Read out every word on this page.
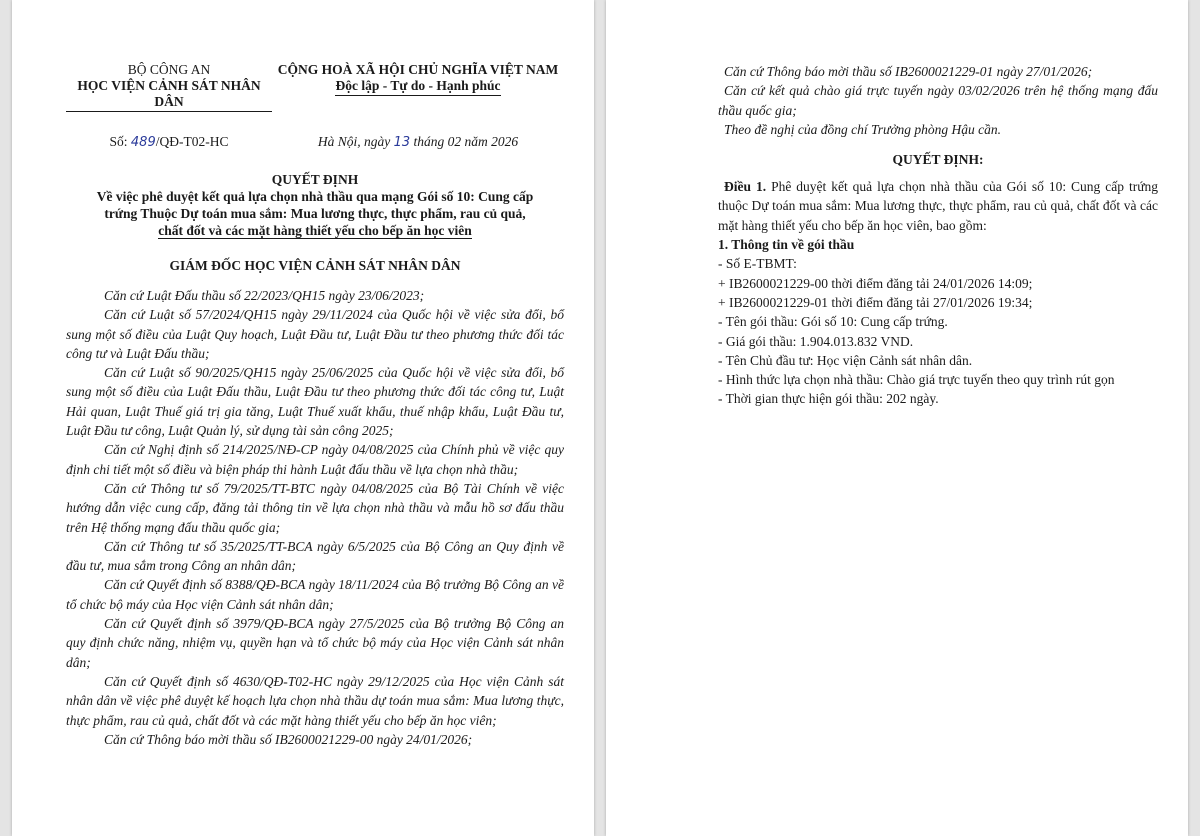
BỘ CÔNG AN
HỌC VIỆN CẢNH SÁT NHÂN DÂN
CỘNG HOÀ XÃ HỘI CHỦ NGHĨA VIỆT NAM
Độc lập - Tự do - Hạnh phúc
Số: 489/QĐ-T02-HC	Hà Nội, ngày 13 tháng 02 năm 2026
QUYẾT ĐỊNH
Về việc phê duyệt kết quả lựa chọn nhà thầu qua mạng Gói số 10: Cung cấp
trứng Thuộc Dự toán mua sắm: Mua lương thực, thực phẩm, rau củ quả,
chất đốt và các mặt hàng thiết yếu cho bếp ăn học viên
GIÁM ĐỐC HỌC VIỆN CẢNH SÁT NHÂN DÂN

Căn cứ Luật Đấu thầu số 22/2023/QH15 ngày 23/06/2023;

Căn cứ Luật số 57/2024/QH15 ngày 29/11/2024 của Quốc hội về việc sửa đổi, bổ sung một số điều của Luật Quy hoạch, Luật Đầu tư, Luật Đầu tư theo phương thức đối tác công tư và Luật Đấu thầu;

Căn cứ Luật số 90/2025/QH15 ngày 25/06/2025 của Quốc hội về việc sửa đổi, bổ sung một số điều của Luật Đấu thầu, Luật Đầu tư theo phương thức đối tác công tư, Luật Hải quan, Luật Thuế giá trị gia tăng, Luật Thuế xuất khẩu, thuế nhập khẩu, Luật Đầu tư, Luật Đầu tư công, Luật Quản lý, sử dụng tài sản công 2025;

Căn cứ Nghị định số 214/2025/NĐ-CP ngày 04/08/2025 của Chính phủ về việc quy định chi tiết một số điều và biện pháp thi hành Luật đấu thầu về lựa chọn nhà thầu;

Căn cứ Thông tư số 79/2025/TT-BTC ngày 04/08/2025 của Bộ Tài Chính về việc hướng dẫn việc cung cấp, đăng tải thông tin về lựa chọn nhà thầu và mẫu hồ sơ đấu thầu trên Hệ thống mạng đấu thầu quốc gia;

Căn cứ Thông tư số 35/2025/TT-BCA ngày 6/5/2025 của Bộ Công an Quy định về đầu tư, mua sắm trong Công an nhân dân;

Căn cứ Quyết định số 8388/QĐ-BCA ngày 18/11/2024 của Bộ trưởng Bộ Công an về tổ chức bộ máy của Học viện Cảnh sát nhân dân;

Căn cứ Quyết định số 3979/QĐ-BCA ngày 27/5/2025 của Bộ trưởng Bộ Công an quy định chức năng, nhiệm vụ, quyền hạn và tổ chức bộ máy của Học viện Cảnh sát nhân dân;

Căn cứ Quyết định số 4630/QĐ-T02-HC ngày 29/12/2025 của Học viện Cảnh sát nhân dân về việc phê duyệt kế hoạch lựa chọn nhà thầu dự toán mua sắm: Mua lương thực, thực phẩm, rau củ quả, chất đốt và các mặt hàng thiết yếu cho bếp ăn học viên;

Căn cứ Thông báo mời thầu số IB2600021229-00 ngày 24/01/2026;

Căn cứ Thông báo mời thầu số IB2600021229-01 ngày 27/01/2026;

Căn cứ kết quả chào giá trực tuyến ngày 03/02/2026 trên hệ thống mạng đấu thầu quốc gia;

Theo đề nghị của đồng chí Trưởng phòng Hậu cần.

QUYẾT ĐỊNH:

Điều 1. Phê duyệt kết quả lựa chọn nhà thầu của Gói số 10: Cung cấp trứng thuộc Dự toán mua sắm: Mua lương thực, thực phẩm, rau củ quả, chất đốt và các mặt hàng thiết yếu cho bếp ăn học viên, bao gồm:

1. Thông tin về gói thầu

- Số E-TBMT:

+ IB2600021229-00 thời điểm đăng tải 24/01/2026 14:09;

+ IB2600021229-01 thời điểm đăng tải 27/01/2026 19:34;

- Tên gói thầu: Gói số 10: Cung cấp trứng.

- Giá gói thầu: 1.904.013.832 VND.

- Tên Chủ đầu tư: Học viện Cảnh sát nhân dân.

- Hình thức lựa chọn nhà thầu: Chào giá trực tuyến theo quy trình rút gọn

- Thời gian thực hiện gói thầu: 202 ngày.
